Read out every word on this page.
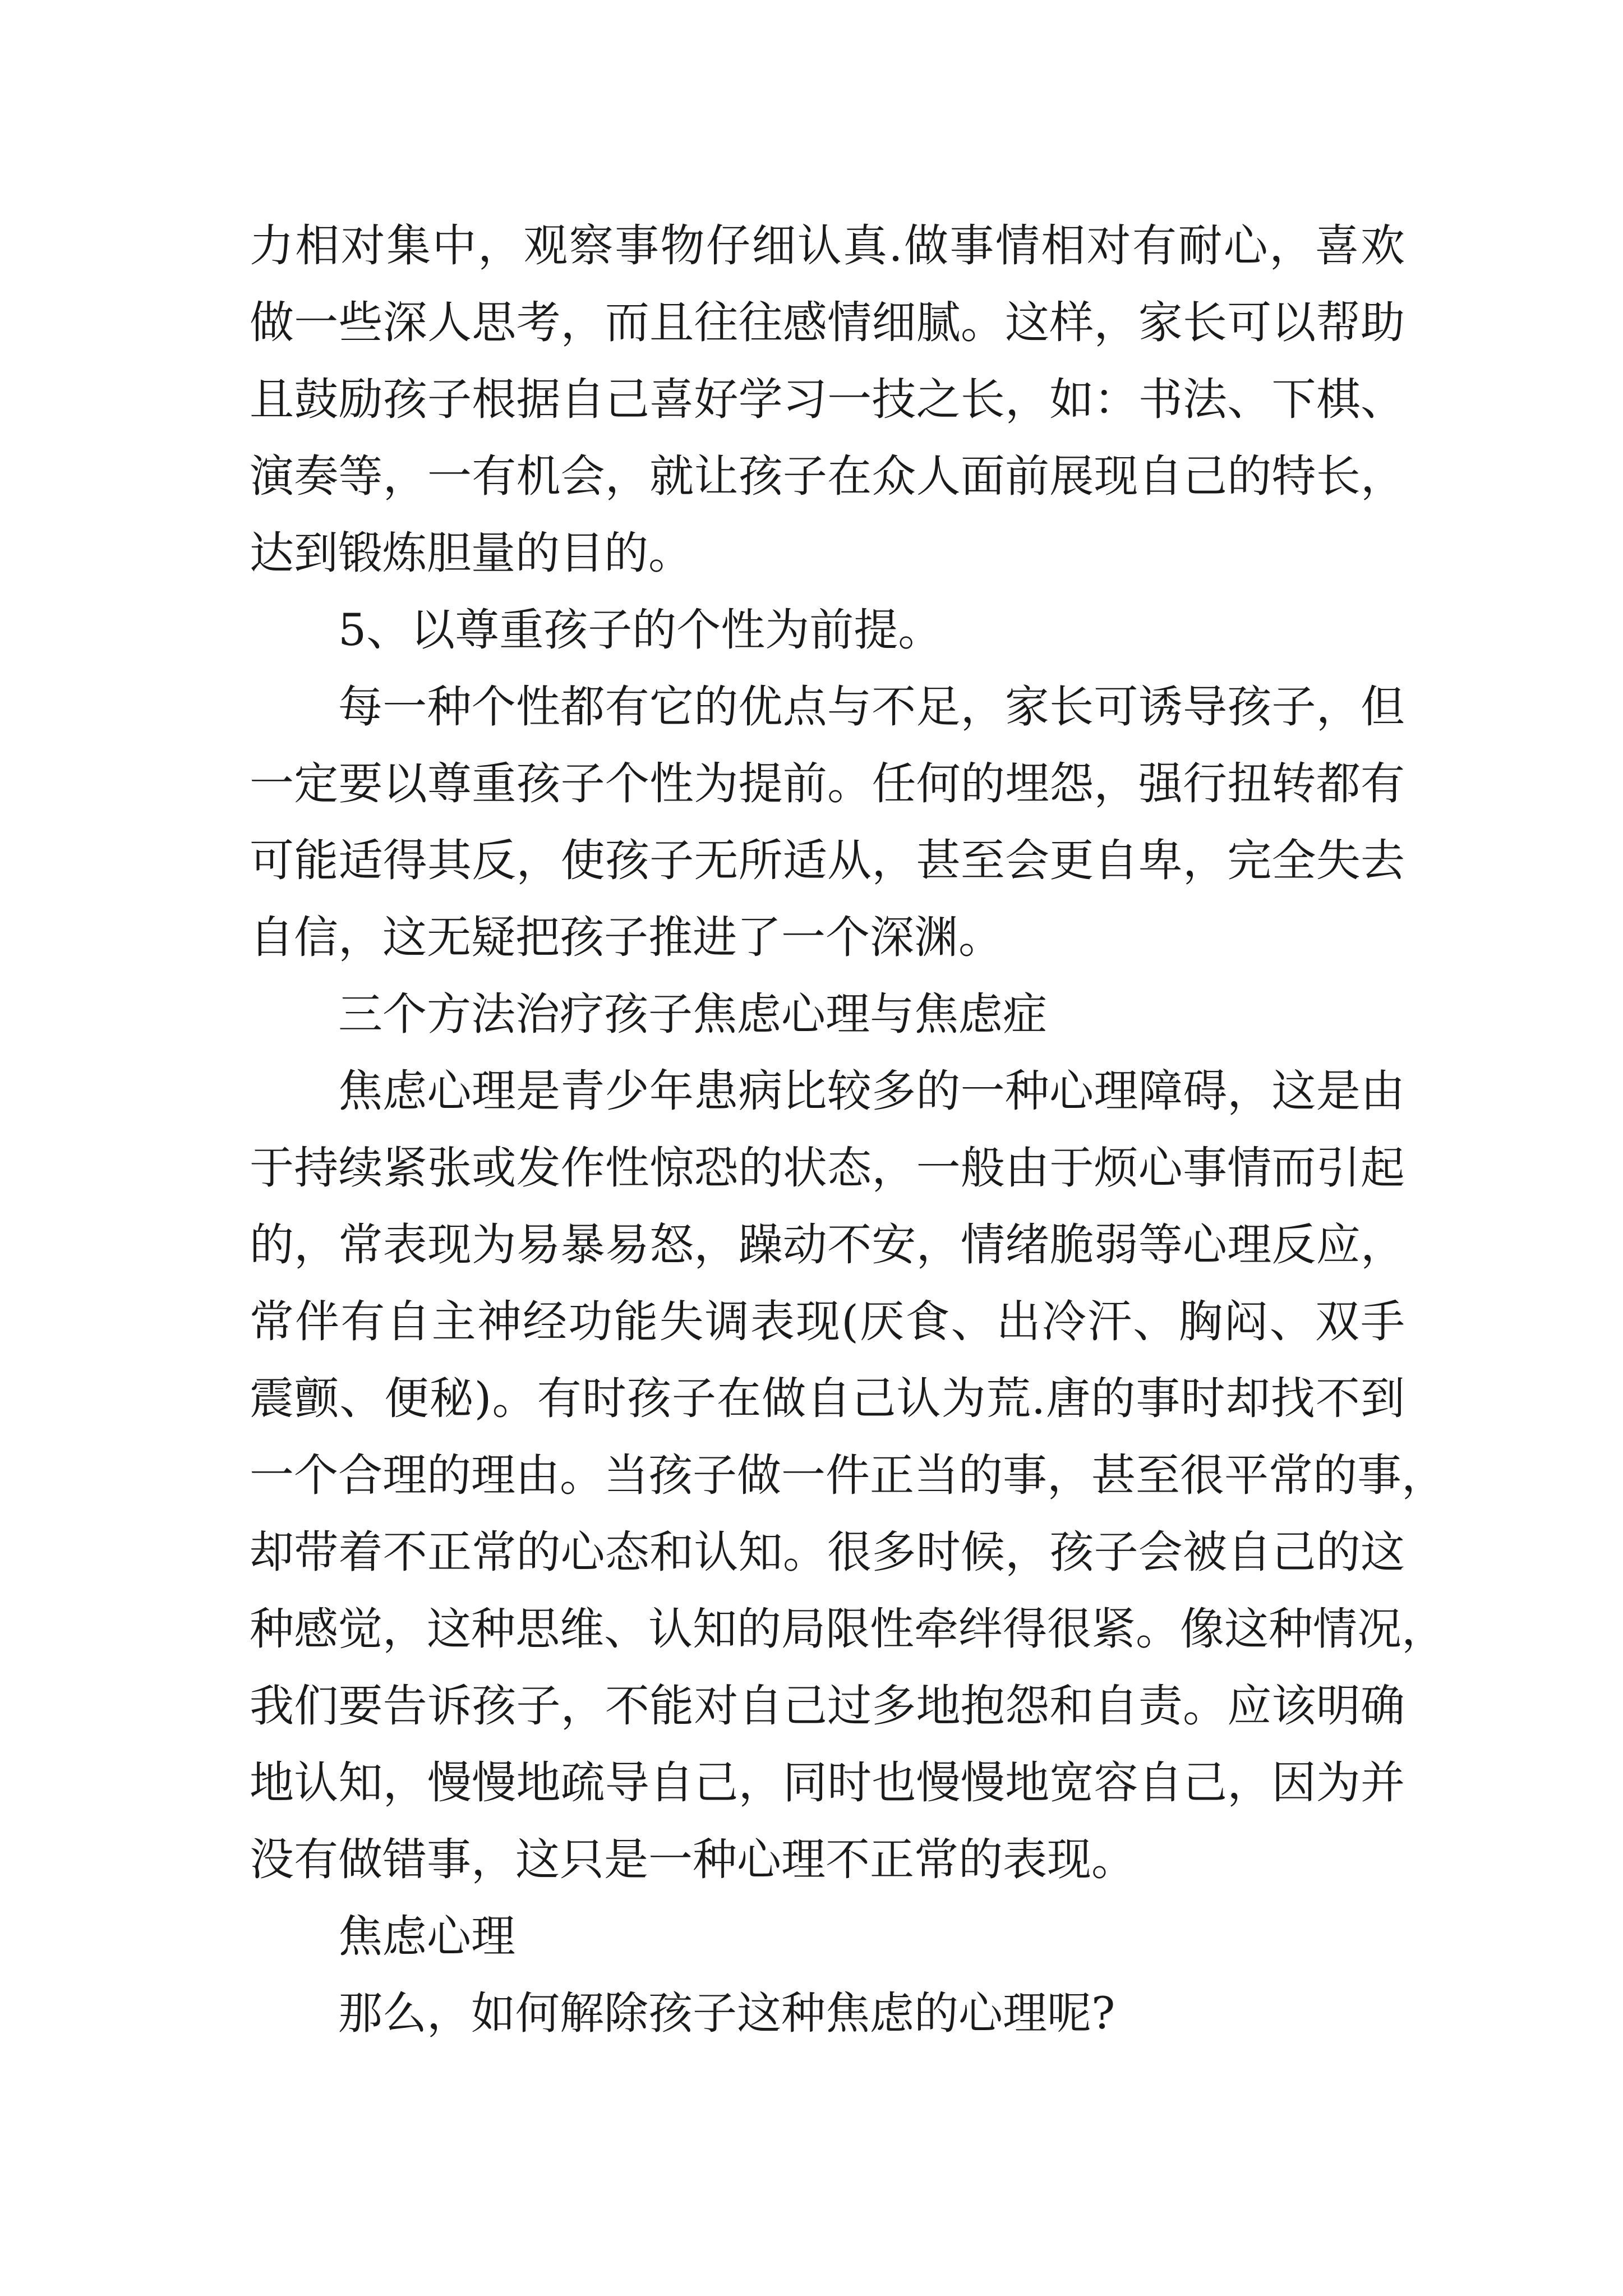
力相对集中，观察事物仔细认真.做事情相对有耐心，喜欢
做一些深人思考，而且往往感情细腻。这样，家长可以帮助
且鼓励孩子根据自己喜好学习一技之长，如：书法、下棋、
演奏等，一有机会，就让孩子在众人面前展现自己的特长，
达到锻炼胆量的目的。
5、以尊重孩子的个性为前提。
每一种个性都有它的优点与不足，家长可诱导孩子，但
一定要以尊重孩子个性为提前。任何的埋怨，强行扭转都有
可能适得其反，使孩子无所适从，甚至会更自卑，完全失去
自信，这无疑把孩子推进了一个深渊。
三个方法治疗孩子焦虑心理与焦虑症
焦虑心理是青少年患病比较多的一种心理障碍，这是由
于持续紧张或发作性惊恐的状态，一般由于烦心事情而引起
的，常表现为易暴易怒，躁动不安，情绪脆弱等心理反应，
常伴有自主神经功能失调表现(厌食、出冷汗、胸闷、双手
震颤、便秘)。有时孩子在做自己认为荒.唐的事时却找不到
一个合理的理由。当孩子做一件正当的事，甚至很平常的事，
却带着不正常的心态和认知。很多时候，孩子会被自己的这
种感觉，这种思维、认知的局限性牵绊得很紧。像这种情况，
我们要告诉孩子，不能对自己过多地抱怨和自责。应该明确
地认知，慢慢地疏导自己，同时也慢慢地宽容自己，因为并
没有做错事，这只是一种心理不正常的表现。
焦虑心理
那么，如何解除孩子这种焦虑的心理呢?
